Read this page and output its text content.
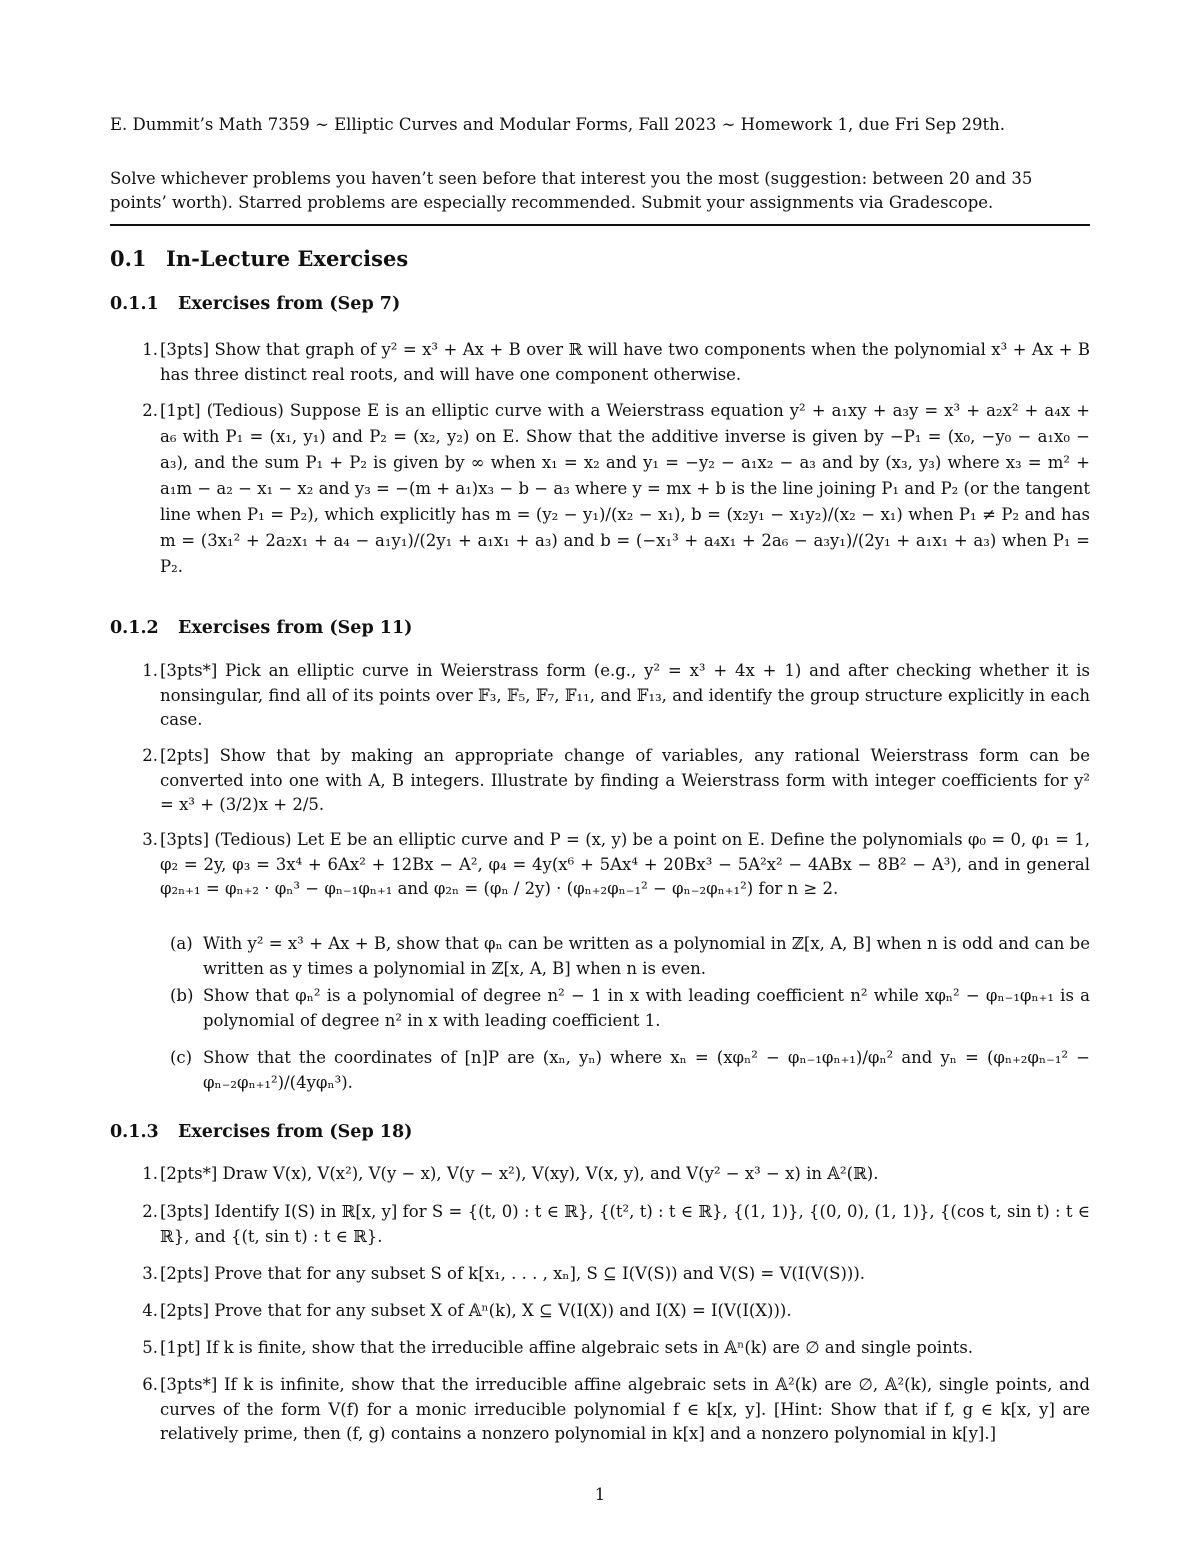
E. Dummit’s Math 7359 ∼ Elliptic Curves and Modular Forms, Fall 2023 ∼ Homework 1, due Fri Sep 29th.
Solve whichever problems you haven’t seen before that interest you the most (suggestion: between 20 and 35 points’ worth). Starred problems are especially recommended. Submit your assignments via Gradescope.
0.1 In-Lecture Exercises
0.1.1 Exercises from (Sep 7)
1. [3pts] Show that graph of y² = x³ + Ax + B over ℝ will have two components when the polynomial x³ + Ax + B has three distinct real roots, and will have one component otherwise.
2. [1pt] (Tedious) Suppose E is an elliptic curve with a Weierstrass equation y² + a₁xy + a₃y = x³ + a₂x² + a₄x + a₆ with P₁ = (x₁, y₁) and P₂ = (x₂, y₂) on E. Show that the additive inverse is given by −P₁ = (x₀, −y₀ − a₁x₀ − a₃), and the sum P₁ + P₂ is given by ∞ when x₁ = x₂ and y₁ = −y₂ − a₁x₂ − a₃ and by (x₃, y₃) where x₃ = m² + a₁m − a₂ − x₁ − x₂ and y₃ = −(m + a₁)x₃ − b − a₃ where y = mx + b is the line joining P₁ and P₂ (or the tangent line when P₁ = P₂), which explicitly has m = (y₂ − y₁)/(x₂ − x₁), b = (x₂y₁ − x₁y₂)/(x₂ − x₁) when P₁ ≠ P₂ and has m = (3x₁² + 2a₂x₁ + a₄ − a₁y₁)/(2y₁ + a₁x₁ + a₃) and b = (−x₁³ + a₄x₁ + 2a₆ − a₃y₁)/(2y₁ + a₁x₁ + a₃) when P₁ = P₂.
0.1.2 Exercises from (Sep 11)
1. [3pts*] Pick an elliptic curve in Weierstrass form (e.g., y² = x³ + 4x + 1) and after checking whether it is nonsingular, find all of its points over 𝔽₃, 𝔽₅, 𝔽₇, 𝔽₁₁, and 𝔽₁₃, and identify the group structure explicitly in each case.
2. [2pts] Show that by making an appropriate change of variables, any rational Weierstrass form can be converted into one with A, B integers. Illustrate by finding a Weierstrass form with integer coefficients for y² = x³ + (3/2)x + 2/5.
3. [3pts] (Tedious) Let E be an elliptic curve and P = (x, y) be a point on E. Define the polynomials φ₀ = 0, φ₁ = 1, φ₂ = 2y, φ₃ = 3x⁴ + 6Ax² + 12Bx − A², φ₄ = 4y(x⁶ + 5Ax⁴ + 20Bx³ − 5A²x² − 4ABx − 8B² − A³), and in general φ₂ₙ₊₁ = φₙ₊₂ · φₙ³ − φₙ₋₁φₙ₊₁ and φ₂ₙ = (φₙ / 2y) · (φₙ₊₂φₙ₋₁² − φₙ₋₂φₙ₊₁²) for n ≥ 2.
(a) With y² = x³ + Ax + B, show that φₙ can be written as a polynomial in ℤ[x, A, B] when n is odd and can be written as y times a polynomial in ℤ[x, A, B] when n is even.
(b) Show that φₙ² is a polynomial of degree n² − 1 in x with leading coefficient n² while xφₙ² − φₙ₋₁φₙ₊₁ is a polynomial of degree n² in x with leading coefficient 1.
(c) Show that the coordinates of [n]P are (xₙ, yₙ) where xₙ = (xφₙ² − φₙ₋₁φₙ₊₁)/φₙ² and yₙ = (φₙ₊₂φₙ₋₁² − φₙ₋₂φₙ₊₁²)/(4yφₙ³).
0.1.3 Exercises from (Sep 18)
1. [2pts*] Draw V(x), V(x²), V(y − x), V(y − x²), V(xy), V(x, y), and V(y² − x³ − x) in 𝔸²(ℝ).
2. [3pts] Identify I(S) in ℝ[x, y] for S = {(t, 0) : t ∈ ℝ}, {(t², t) : t ∈ ℝ}, {(1, 1)}, {(0, 0), (1, 1)}, {(cos t, sin t) : t ∈ ℝ}, and {(t, sin t) : t ∈ ℝ}.
3. [2pts] Prove that for any subset S of k[x₁, . . . , xₙ], S ⊆ I(V(S)) and V(S) = V(I(V(S))).
4. [2pts] Prove that for any subset X of 𝔸ⁿ(k), X ⊆ V(I(X)) and I(X) = I(V(I(X))).
5. [1pt] If k is finite, show that the irreducible affine algebraic sets in 𝔸ⁿ(k) are ∅ and single points.
6. [3pts*] If k is infinite, show that the irreducible affine algebraic sets in 𝔸²(k) are ∅, 𝔸²(k), single points, and curves of the form V(f) for a monic irreducible polynomial f ∈ k[x, y]. [Hint: Show that if f, g ∈ k[x, y] are relatively prime, then (f, g) contains a nonzero polynomial in k[x] and a nonzero polynomial in k[y].]
1
